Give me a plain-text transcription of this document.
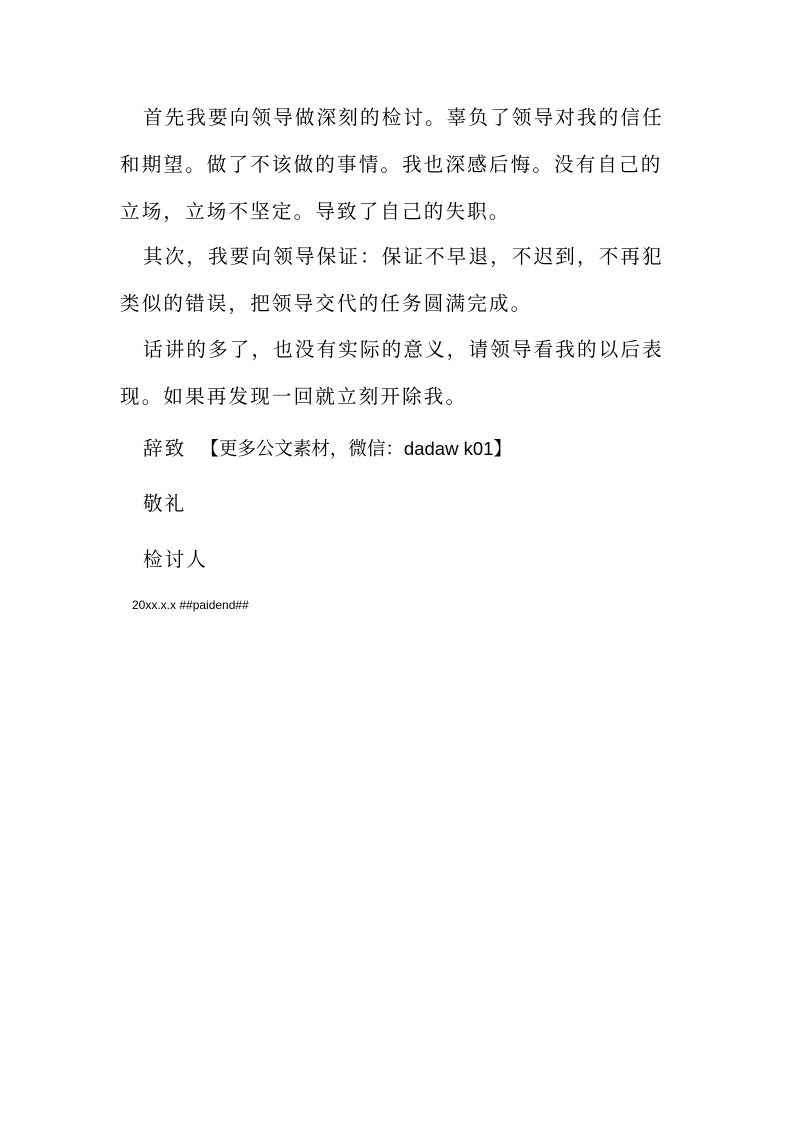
首先我要向领导做深刻的检讨。辜负了领导对我的信任和期望。做了不该做的事情。我也深感后悔。没有自己的立场，立场不坚定。导致了自己的失职。

其次，我要向领导保证：保证不早退，不迟到，不再犯类似的错误，把领导交代的任务圆满完成。

话讲的多了，也没有实际的意义，请领导看我的以后表现。如果再发现一回就立刻开除我。

辞致 【更多公文素材，微信：dadaw k01】

敬礼

检讨人

20xx.x.x ##paidend##
